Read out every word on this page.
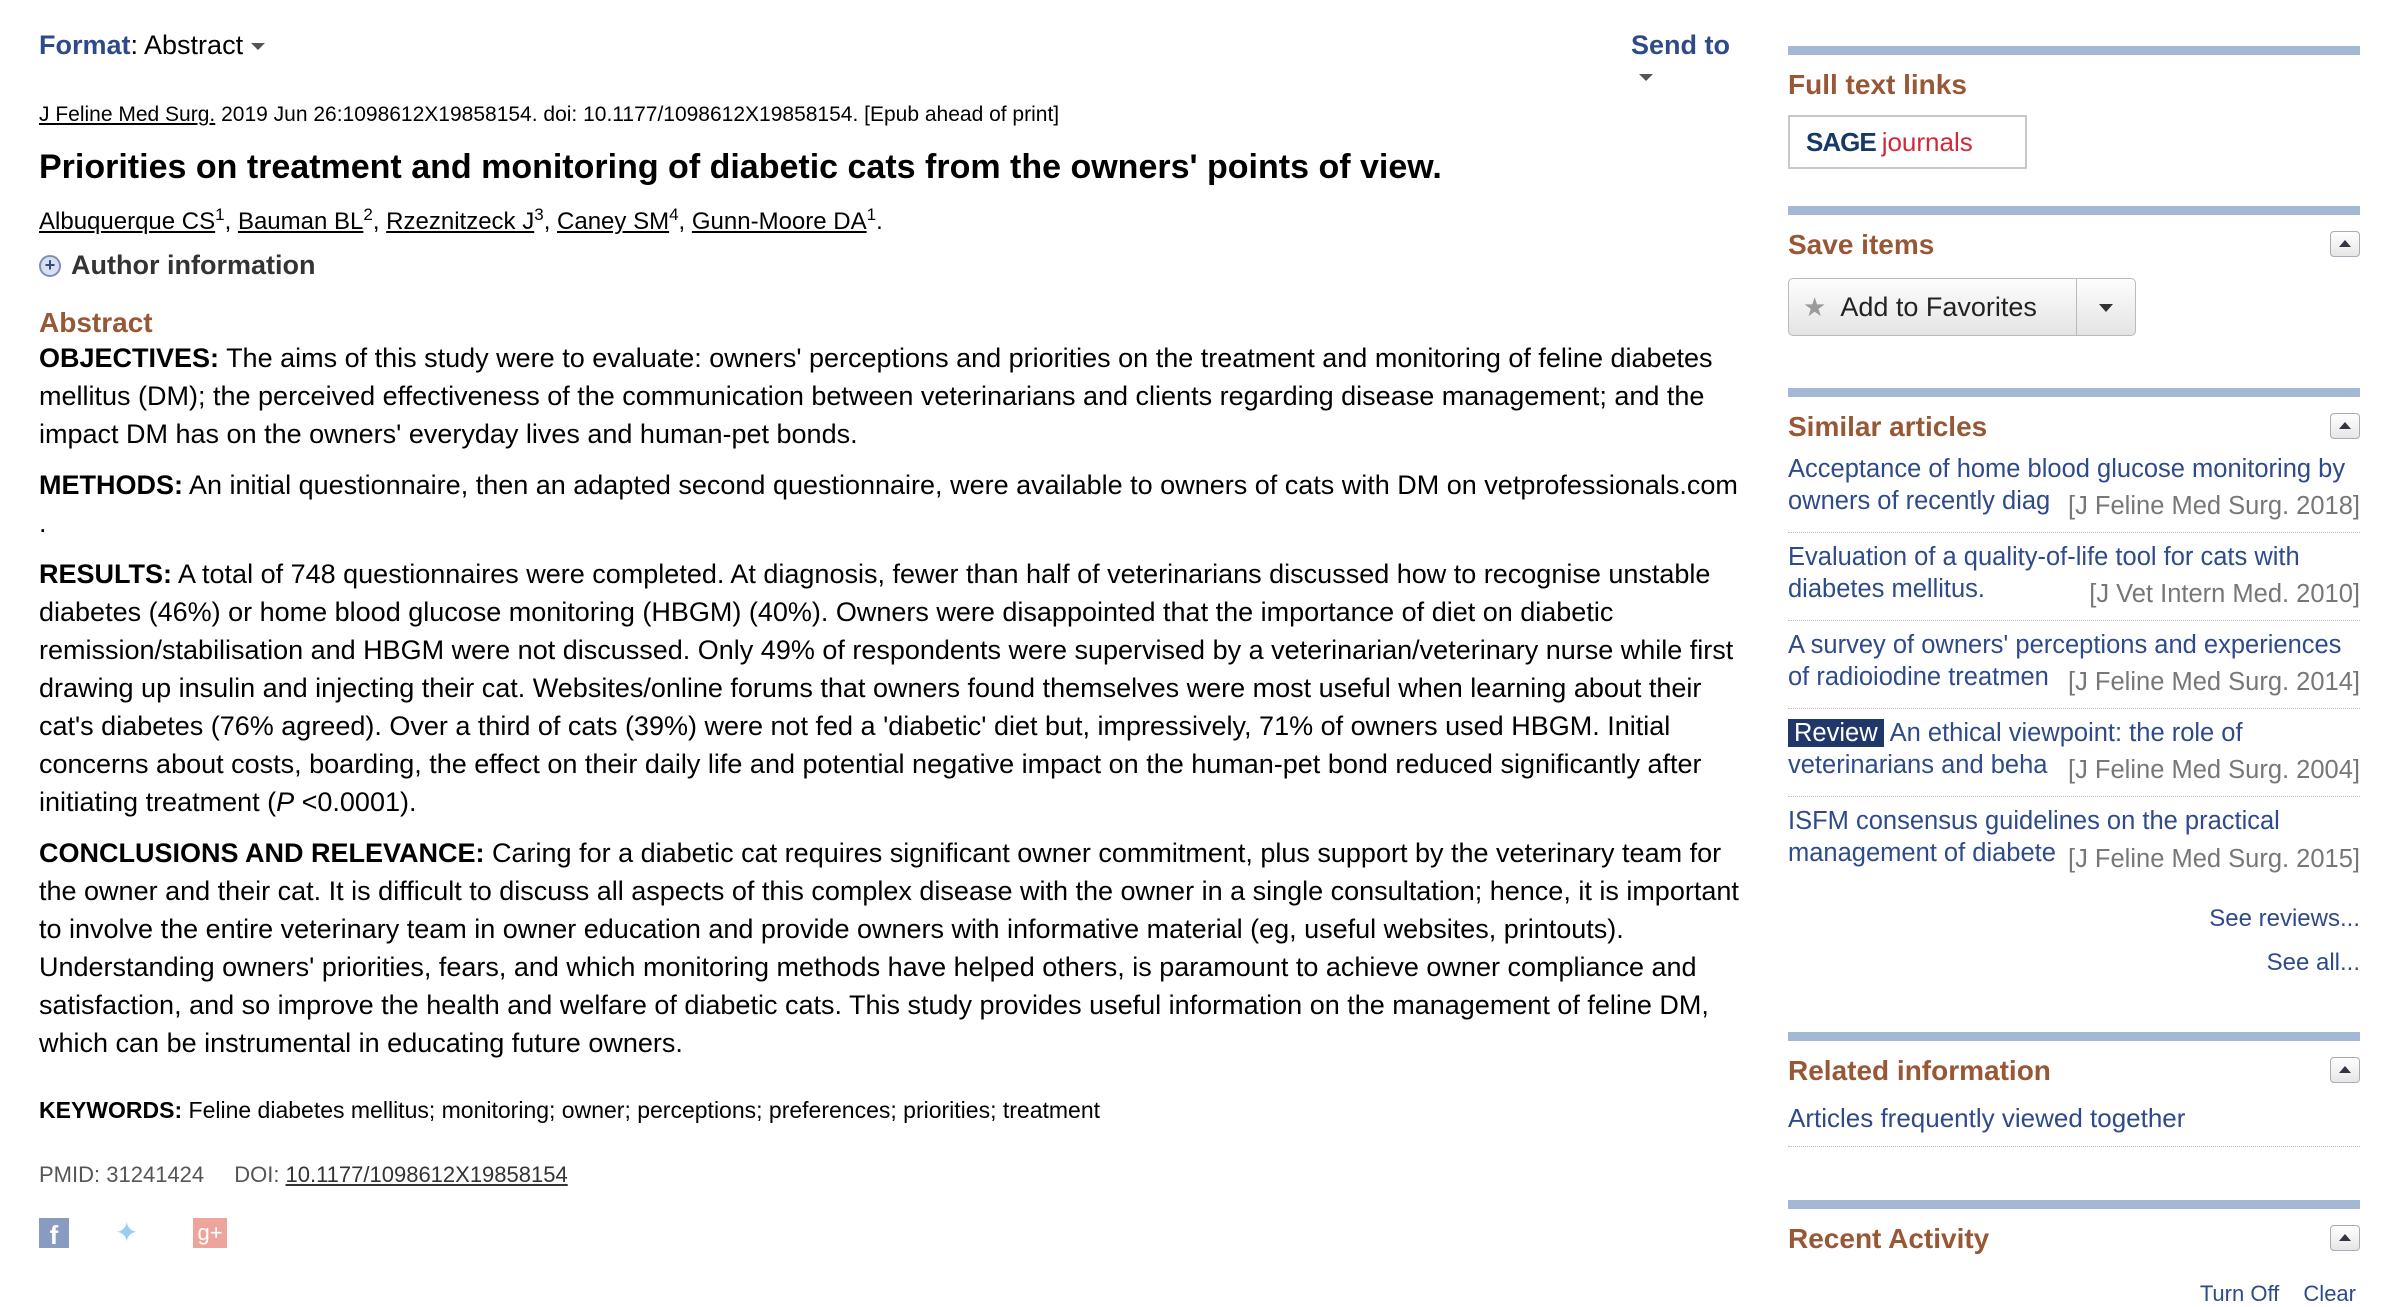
Format: Abstract	Send to
J Feline Med Surg. 2019 Jun 26:1098612X19858154. doi: 10.1177/1098612X19858154. [Epub ahead of print]
Priorities on treatment and monitoring of diabetic cats from the owners' points of view.
Albuquerque $CS^1$, Bauman $BL^2$, Rzeznitzeck $J^3$, Caney $SM^4$, Gunn-Moore $DA^1$.
+ Author information
Abstract

OBJECTIVES: The aims of this study were to evaluate: owners' perceptions and priorities on the treatment and monitoring of feline diabetes mellitus (DM); the perceived effectiveness of the communication between veterinarians and clients regarding disease management; and the impact DM has on the owners' everyday lives and human-pet bonds.

METHODS: An initial questionnaire, then an adapted second questionnaire, were available to owners of cats with DM on vetprofessionals.com .

RESULTS: A total of 748 questionnaires were completed. At diagnosis, fewer than half of veterinarians discussed how to recognise unstable diabetes (46%) or home blood glucose monitoring (HBGM) (40%). Owners were disappointed that the importance of diet on diabetic remission/stabilisation and HBGM were not discussed. Only 49% of respondents were supervised by a veterinarian/veterinary nurse while first drawing up insulin and injecting their cat. Websites/online forums that owners found themselves were most useful when learning about their cat's diabetes (76% agreed). Over a third of cats (39%) were not fed a 'diabetic' diet but, impressively, 71% of owners used HBGM. Initial concerns about costs, boarding, the effect on their daily life and potential negative impact on the human-pet bond reduced significantly after initiating treatment (P <0.0001).

CONCLUSIONS AND RELEVANCE: Caring for a diabetic cat requires significant owner commitment, plus support by the veterinary team for the owner and their cat. It is difficult to discuss all aspects of this complex disease with the owner in a single consultation; hence, it is important to involve the entire veterinary team in owner education and provide owners with informative material (eg, useful websites, printouts). Understanding owners' priorities, fears, and which monitoring methods have helped others, is paramount to achieve owner compliance and satisfaction, and so improve the health and welfare of diabetic cats. This study provides useful information on the management of feline DM, which can be instrumental in educating future owners.

KEYWORDS: Feline diabetes mellitus; monitoring; owner; perceptions; preferences; priorities; treatment
PMID: 31241424 DOI: 10.1177/1098612X19858154
f	✦	g+
Full text links
SAGE journals
Save items
★ Add to Favorites
Similar articles
Acceptance of home blood glucose monitoring by owners of recently diag [J Feline Med Surg. 2018]
Evaluation of a quality-of-life tool for cats with diabetes mellitus.	[J Vet Intern Med. 2010]
A survey of owners' perceptions and experiences of radioiodine treatmen [J Feline Med Surg. 2014]
Review An ethical viewpoint: the role of veterinarians and beha [J Feline Med Surg. 2004]
ISFM consensus guidelines on the practical management of diabete [J Feline Med Surg. 2015]
See reviews...
See all...
Related information
Articles frequently viewed together
Recent Activity
Turn Off Clear
